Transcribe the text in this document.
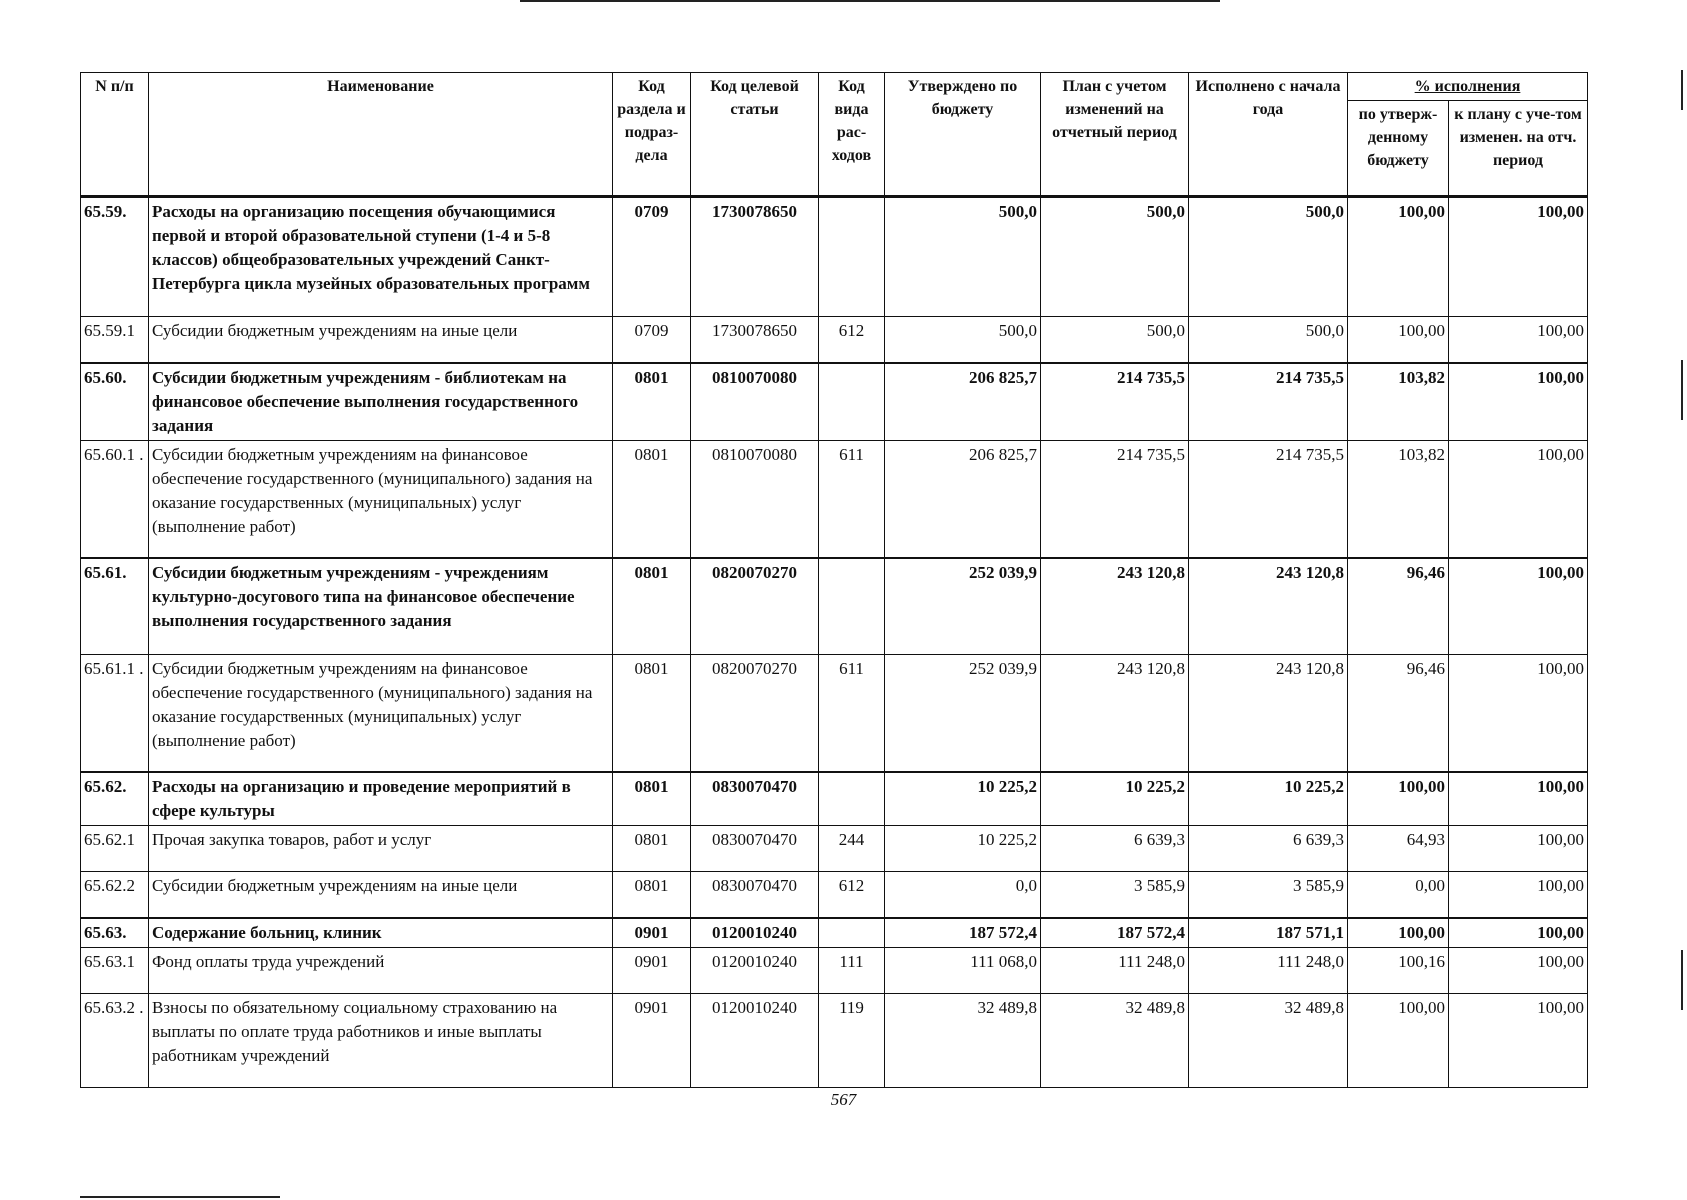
N п/п	Наименование	Код раздела и подраз-дела	Код целевой статьи	Код вида рас-ходов	Утверждено по бюджету	План с учетом изменений на отчетный период	Исполнено с начала года	% исполнения	
								по утверж-денному бюджету	к плану с уче-том изменен. на отч. период
65.59.	Расходы на организацию посещения обучающимися первой и второй образовательной ступени (1-4 и 5-8 классов) общеобразовательных учреждений Санкт-Петербурга цикла музейных образовательных программ	0709	1730078650		500,0	500,0	500,0	100,00	100,00
65.59.1	Субсидии бюджетным учреждениям на иные цели	0709	1730078650	612	500,0	500,0	500,0	100,00	100,00
65.60.	Субсидии бюджетным учреждениям - библиотекам на финансовое обеспечение выполнения государственного задания	0801	0810070080		206 825,7	214 735,5	214 735,5	103,82	100,00
65.60.1 .	Субсидии бюджетным учреждениям на финансовое обеспечение государственного (муниципального) задания на оказание государственных (муниципальных) услуг (выполнение работ)	0801	0810070080	611	206 825,7	214 735,5	214 735,5	103,82	100,00
65.61.	Субсидии бюджетным учреждениям - учреждениям культурно-досугового типа на финансовое обеспечение выполнения государственного задания	0801	0820070270		252 039,9	243 120,8	243 120,8	96,46	100,00
65.61.1 .	Субсидии бюджетным учреждениям на финансовое обеспечение государственного (муниципального) задания на оказание государственных (муниципальных) услуг (выполнение работ)	0801	0820070270	611	252 039,9	243 120,8	243 120,8	96,46	100,00
65.62.	Расходы на организацию и проведение мероприятий в сфере культуры	0801	0830070470		10 225,2	10 225,2	10 225,2	100,00	100,00
65.62.1	Прочая закупка товаров, работ и услуг	0801	0830070470	244	10 225,2	6 639,3	6 639,3	64,93	100,00
65.62.2	Субсидии бюджетным учреждениям на иные цели	0801	0830070470	612	0,0	3 585,9	3 585,9	0,00	100,00
65.63.	Содержание больниц, клиник	0901	0120010240		187 572,4	187 572,4	187 571,1	100,00	100,00
65.63.1	Фонд оплаты труда учреждений	0901	0120010240	111	111 068,0	111 248,0	111 248,0	100,16	100,00
65.63.2 .	Взносы по обязательному социальному страхованию на выплаты по оплате труда работников и иные выплаты работникам учреждений	0901	0120010240	119	32 489,8	32 489,8	32 489,8	100,00	100,00
567
